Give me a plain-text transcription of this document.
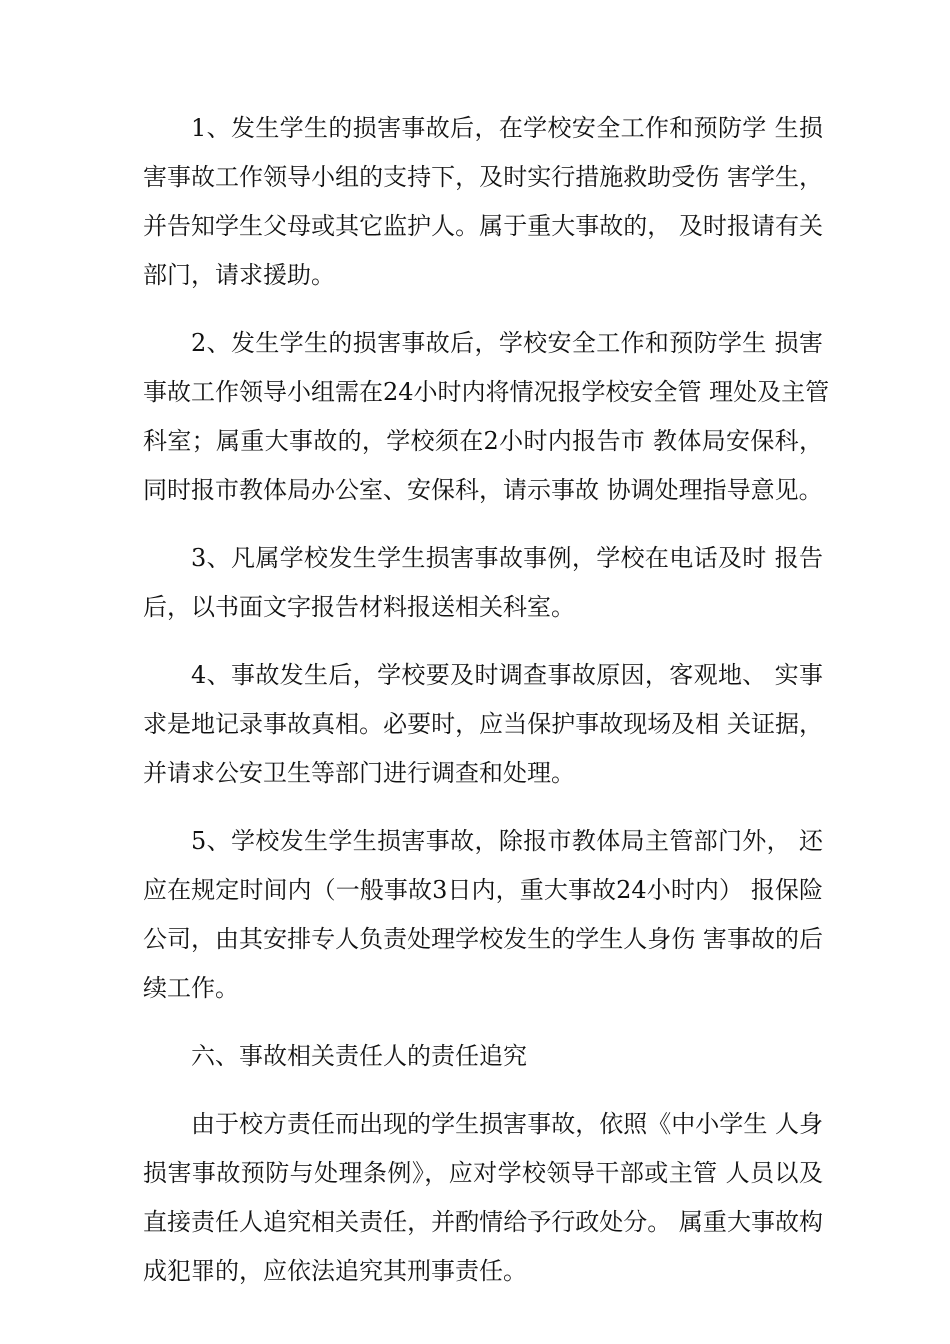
1、发生学生的损害事故后，在学校安全工作和预防学 生损
害事故工作领导小组的支持下，及时实行措施救助受伤 害学生，
并告知学生父母或其它监护人。属于重大事故的， 及时报请有关
部门，请求援助。
2、发生学生的损害事故后，学校安全工作和预防学生 损害
事故工作领导小组需在24小时内将情况报学校安全管 理处及主管
科室；属重大事故的，学校须在2小时内报告市 教体局安保科，
同时报市教体局办公室、安保科，请示事故 协调处理指导意见。
3、凡属学校发生学生损害事故事例，学校在电话及时 报告
后，以书面文字报告材料报送相关科室。
4、事故发生后，学校要及时调查事故原因，客观地、 实事
求是地记录事故真相。必要时，应当保护事故现场及相 关证据，
并请求公安卫生等部门进行调查和处理。
5、学校发生学生损害事故，除报市教体局主管部门外， 还
应在规定时间内（一般事故3日内，重大事故24小时内） 报保险
公司，由其安排专人负责处理学校发生的学生人身伤 害事故的后
续工作。
六、事故相关责任人的责任追究
由于校方责任而出现的学生损害事故，依照《中小学生 人身
损害事故预防与处理条例》，应对学校领导干部或主管 人员以及
直接责任人追究相关责任，并酌情给予行政处分。 属重大事故构
成犯罪的，应依法追究其刑事责任。
